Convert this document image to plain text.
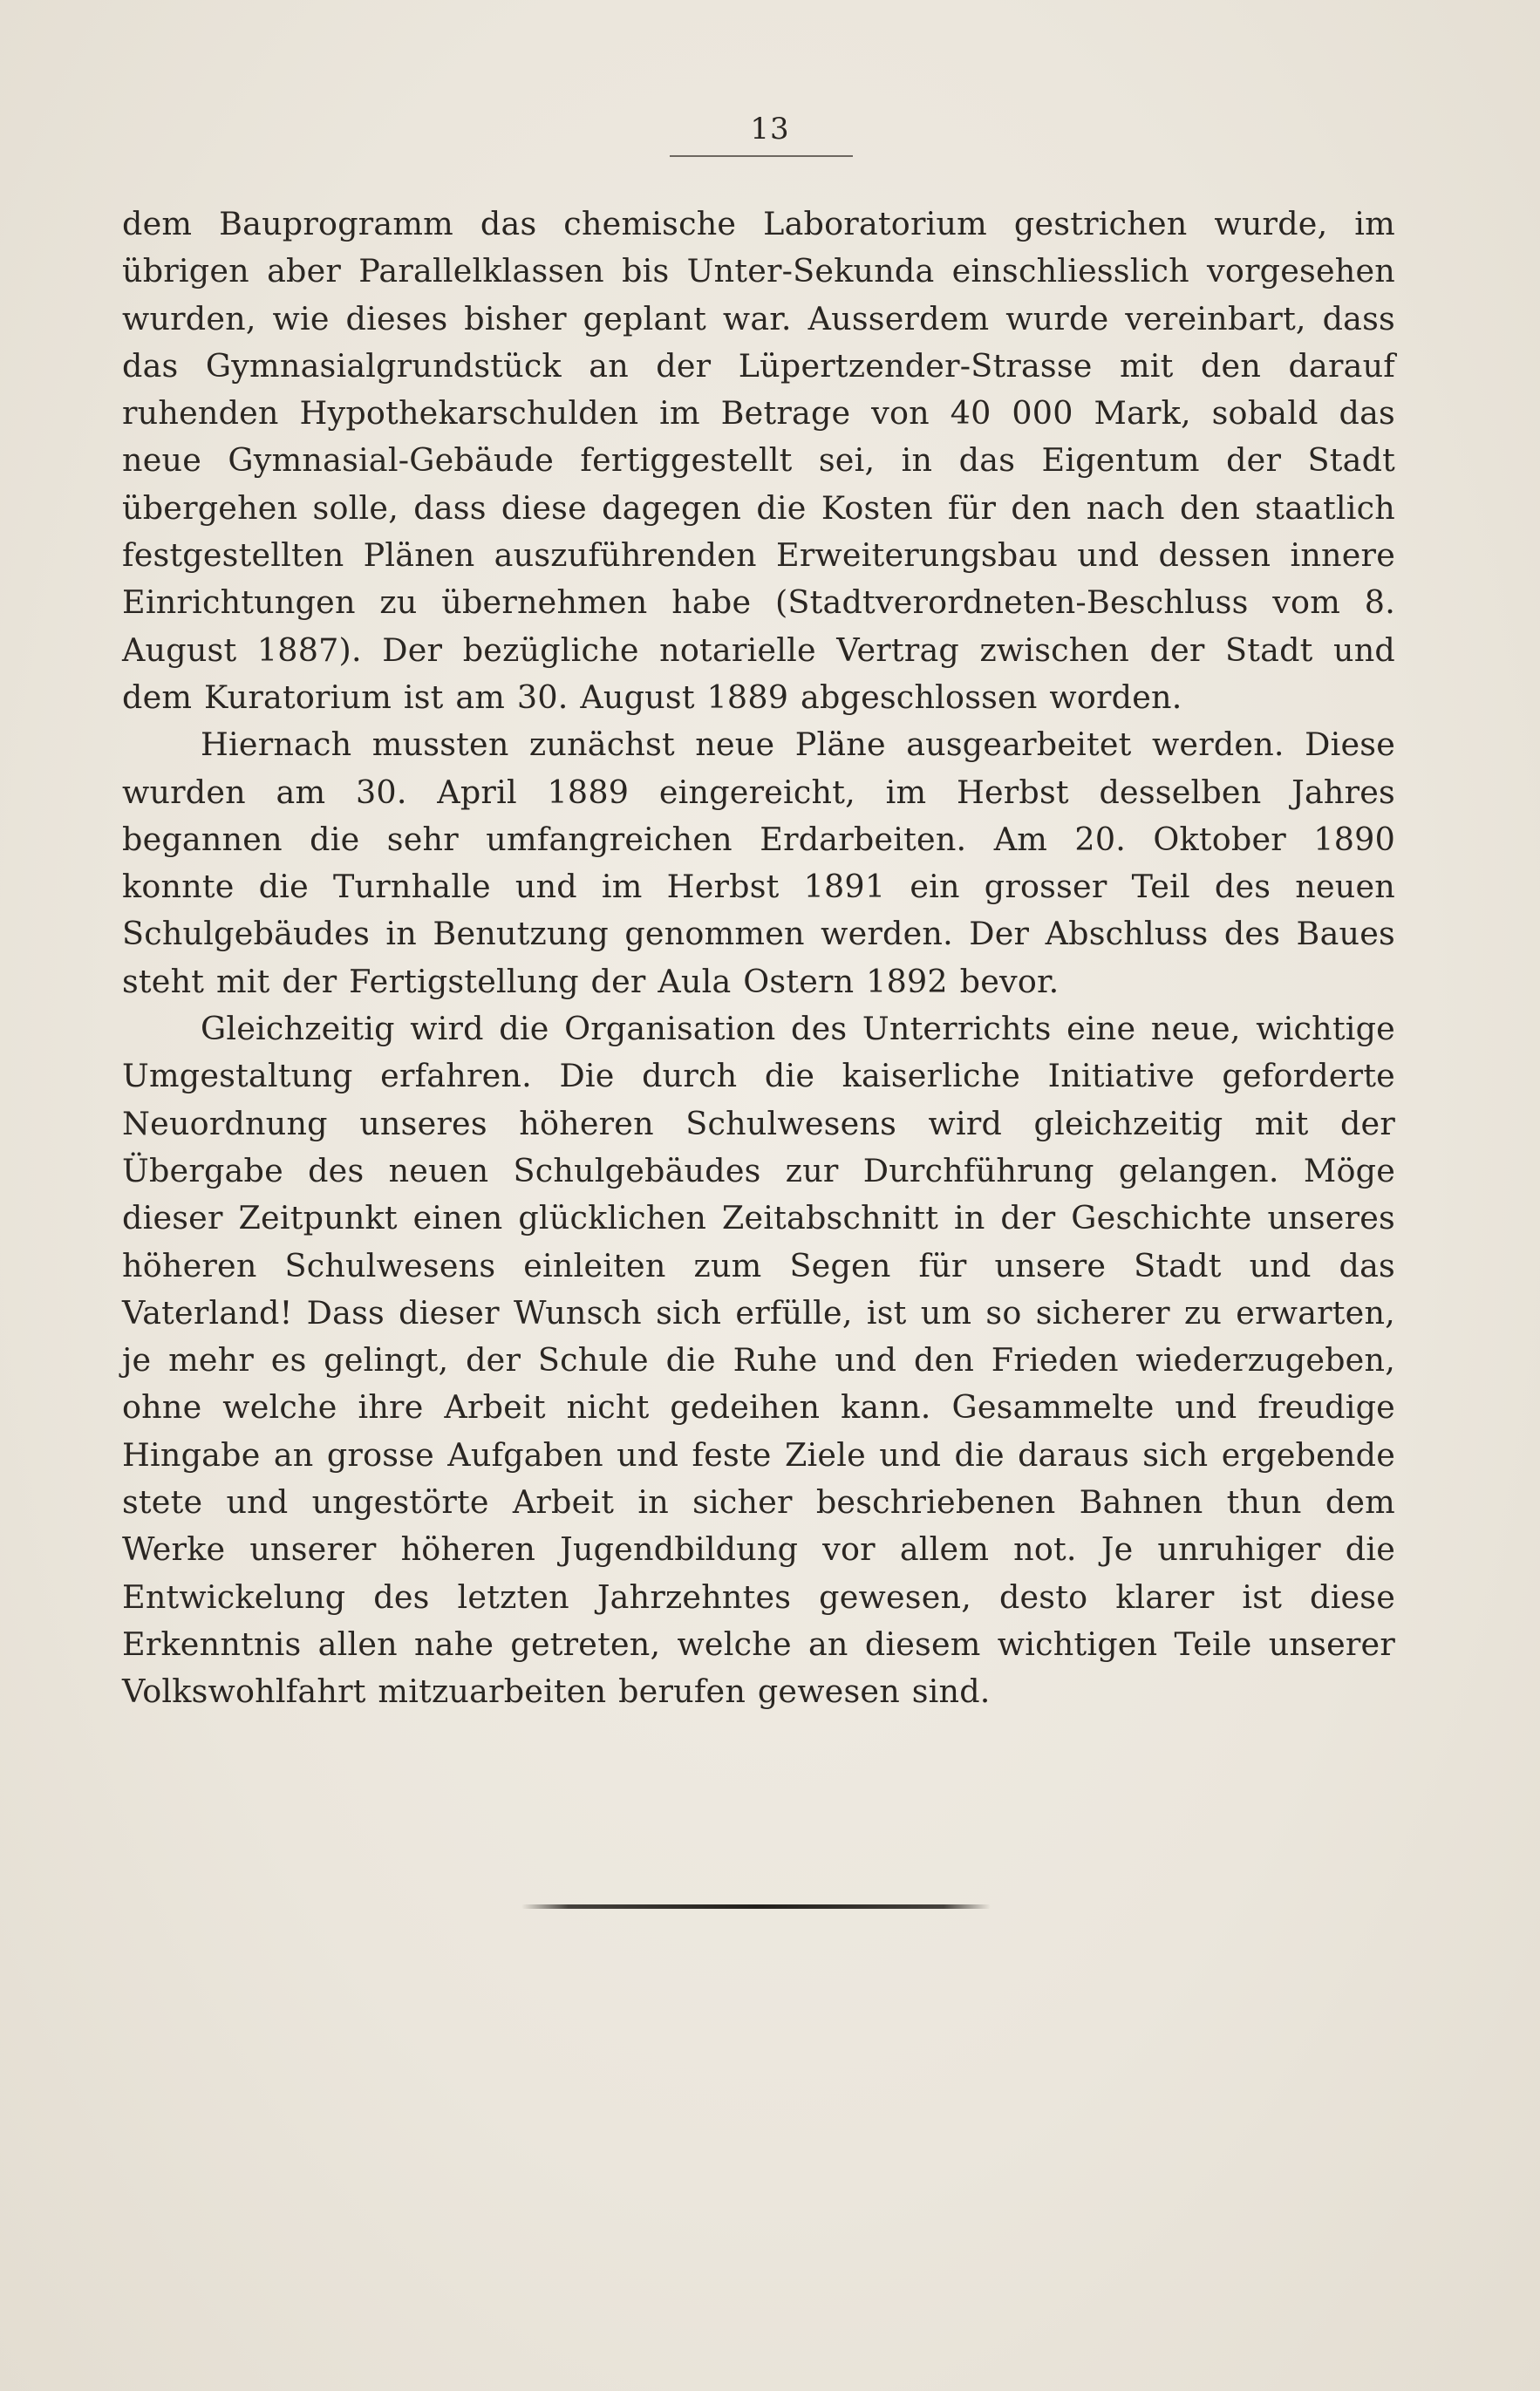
13

dem Bauprogramm das chemische Laboratorium gestrichen wurde, im übrigen aber Parallelklassen bis Unter-Sekunda einschliesslich vorgesehen wurden, wie dieses bisher geplant war. Ausserdem wurde vereinbart, dass das Gymnasialgrundstück an der Lüpertzender-Strasse mit den darauf ruhenden Hypothekarschulden im Betrage von 40 000 Mark, sobald das neue Gymnasial-Gebäude fertiggestellt sei, in das Eigentum der Stadt übergehen solle, dass diese dagegen die Kosten für den nach den staatlich festgestellten Plänen auszuführenden Erweiterungsbau und dessen innere Einrichtungen zu übernehmen habe (Stadtverordneten-Beschluss vom 8. August 1887). Der bezügliche notarielle Vertrag zwischen der Stadt und dem Kuratorium ist am 30. August 1889 abgeschlossen worden.

Hiernach mussten zunächst neue Pläne ausgearbeitet werden. Diese wurden am 30. April 1889 eingereicht, im Herbst desselben Jahres begannen die sehr umfangreichen Erdarbeiten. Am 20. Oktober 1890 konnte die Turnhalle und im Herbst 1891 ein grosser Teil des neuen Schulgebäudes in Benutzung genommen werden. Der Abschluss des Baues steht mit der Fertigstellung der Aula Ostern 1892 bevor.

Gleichzeitig wird die Organisation des Unterrichts eine neue, wichtige Umgestaltung erfahren. Die durch die kaiserliche Initiative geforderte Neuordnung unseres höheren Schulwesens wird gleichzeitig mit der Übergabe des neuen Schulgebäudes zur Durchführung gelangen. Möge dieser Zeitpunkt einen glücklichen Zeitabschnitt in der Geschichte unseres höheren Schulwesens einleiten zum Segen für unsere Stadt und das Vaterland! Dass dieser Wunsch sich erfülle, ist um so sicherer zu erwarten, je mehr es gelingt, der Schule die Ruhe und den Frieden wiederzugeben, ohne welche ihre Arbeit nicht gedeihen kann. Gesammelte und freudige Hingabe an grosse Aufgaben und feste Ziele und die daraus sich ergebende stete und ungestörte Arbeit in sicher beschriebenen Bahnen thun dem Werke unserer höheren Jugendbildung vor allem not. Je unruhiger die Entwickelung des letzten Jahrzehntes gewesen, desto klarer ist diese Erkenntnis allen nahe getreten, welche an diesem wichtigen Teile unserer Volkswohlfahrt mitzuarbeiten berufen gewesen sind.
